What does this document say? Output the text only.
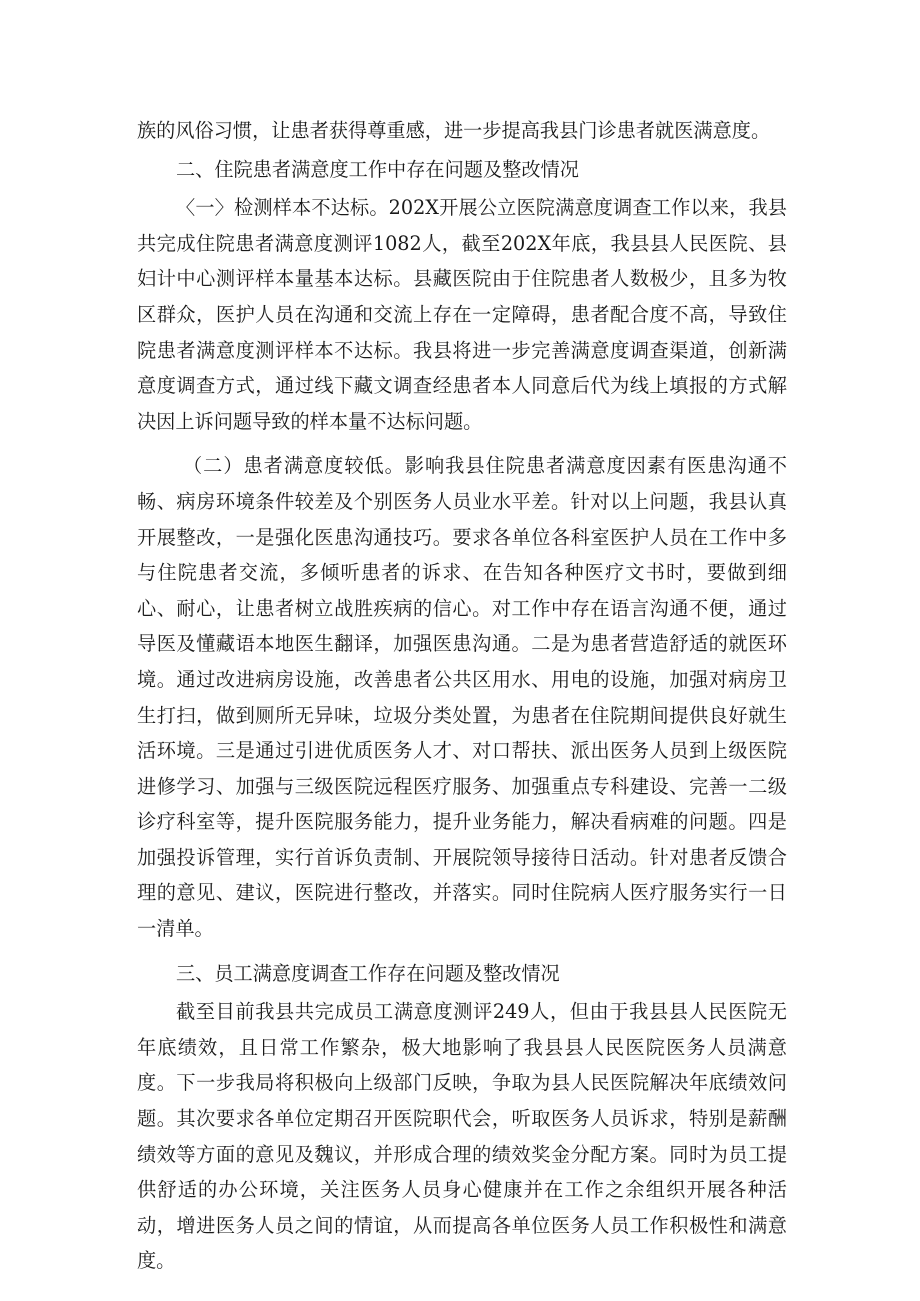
族的风俗习惯，让患者获得尊重感，进一步提高我县门诊患者就医满意度。

二、住院患者满意度工作中存在问题及整改情况

〈一〉检测样本不达标。202X开展公立医院满意度调查工作以来，我县共完成住院患者满意度测评1082人，截至202X年底，我县县人民医院、县妇计中心测评样本量基本达标。县藏医院由于住院患者人数极少，且多为牧区群众，医护人员在沟通和交流上存在一定障碍，患者配合度不高，导致住院患者满意度测评样本不达标。我县将进一步完善满意度调查渠道，创新满意度调查方式，通过线下藏文调查经患者本人同意后代为线上填报的方式解决因上诉问题导致的样本量不达标问题。

（二）患者满意度较低。影响我县住院患者满意度因素有医患沟通不畅、病房环境条件较差及个别医务人员业水平差。针对以上问题，我县认真开展整改，一是强化医患沟通技巧。要求各单位各科室医护人员在工作中多与住院患者交流，多倾听患者的诉求、在告知各种医疗文书时，要做到细心、耐心，让患者树立战胜疾病的信心。对工作中存在语言沟通不便，通过导医及懂藏语本地医生翻译，加强医患沟通。二是为患者营造舒适的就医环境。通过改进病房设施，改善患者公共区用水、用电的设施，加强对病房卫生打扫，做到厕所无异味，垃圾分类处置，为患者在住院期间提供良好就生活环境。三是通过引进优质医务人才、对口帮扶、派出医务人员到上级医院进修学习、加强与三级医院远程医疗服务、加强重点专科建设、完善一二级诊疗科室等，提升医院服务能力，提升业务能力，解决看病难的问题。四是加强投诉管理，实行首诉负责制、开展院领导接待日活动。针对患者反馈合理的意见、建议，医院进行整改，并落实。同时住院病人医疗服务实行一日一清单。

三、员工满意度调查工作存在问题及整改情况

截至目前我县共完成员工满意度测评249人，但由于我县县人民医院无年底绩效，且日常工作繁杂，极大地影响了我县县人民医院医务人员满意度。下一步我局将积极向上级部门反映，争取为县人民医院解决年底绩效问题。其次要求各单位定期召开医院职代会，听取医务人员诉求，特别是薪酬绩效等方面的意见及魏议，并形成合理的绩效奖金分配方案。同时为员工提供舒适的办公环境，关注医务人员身心健康并在工作之余组织开展各种活动，增进医务人员之间的情谊，从而提高各单位医务人员工作积极性和满意度。
